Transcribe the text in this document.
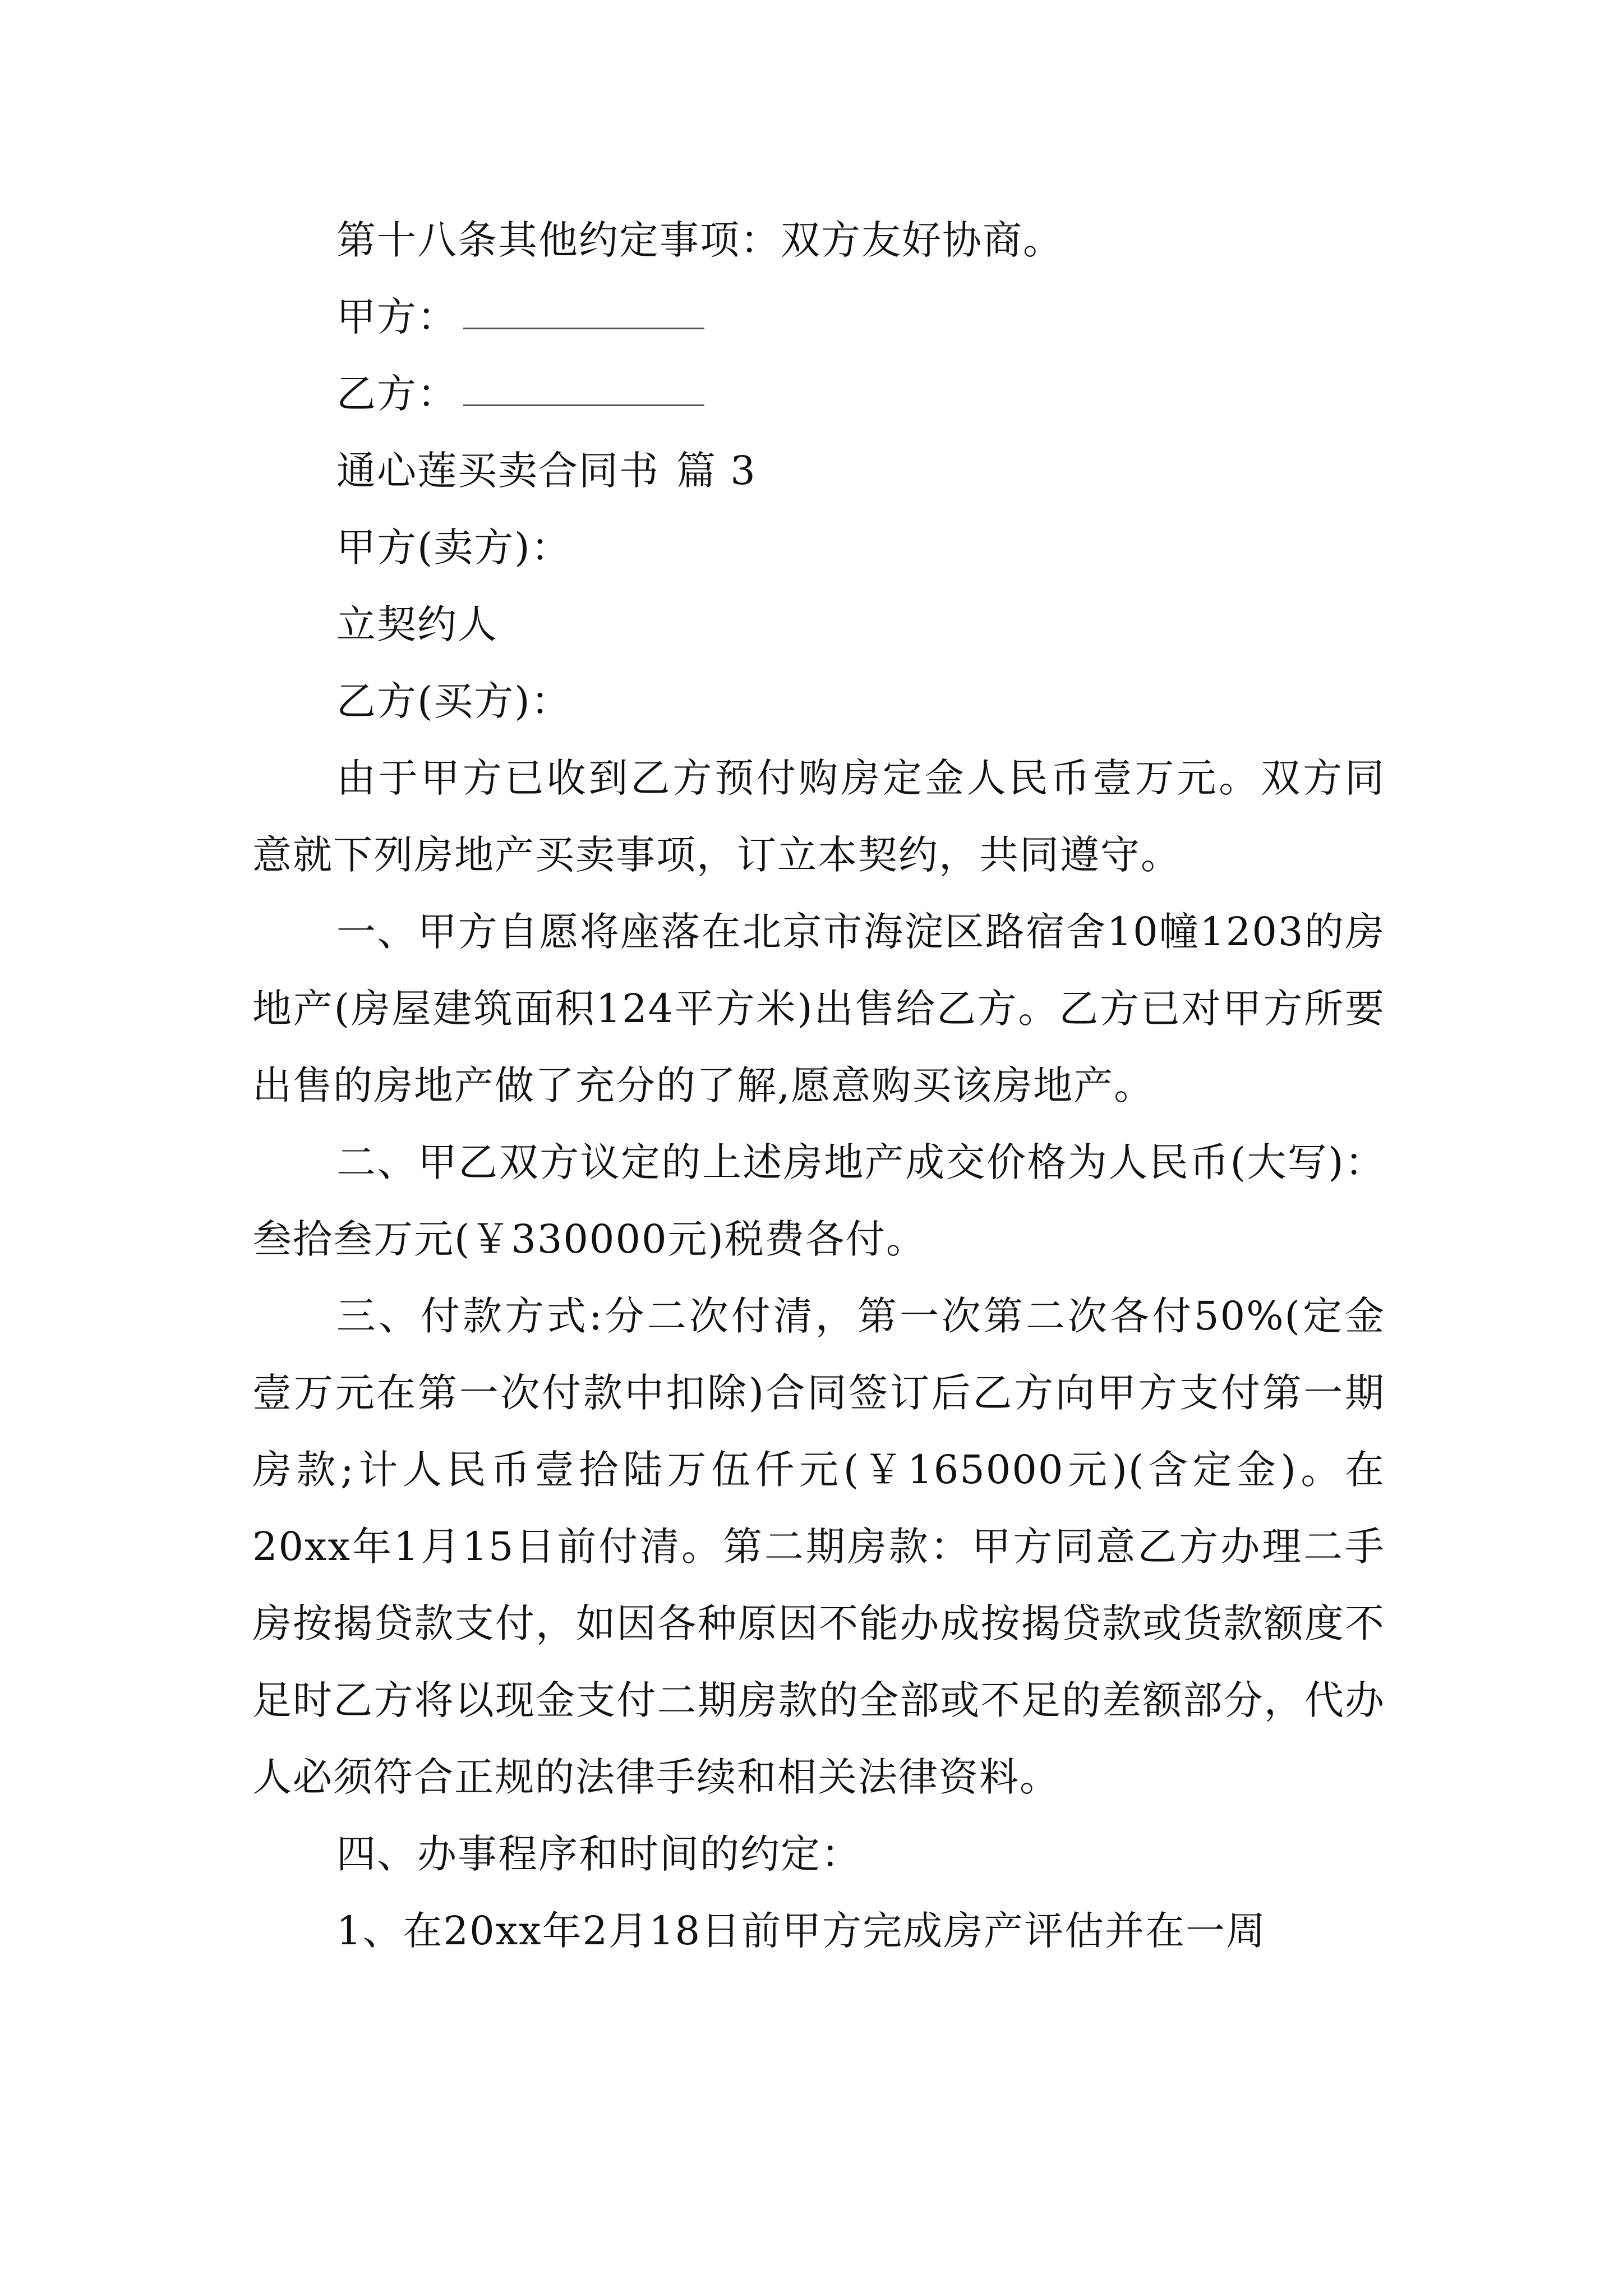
第十八条其他约定事项：双方友好协商。
甲方：
乙方：
通心莲买卖合同书 篇 3
甲方(卖方)：
立契约人
乙方(买方)：
由于甲方已收到乙方预付购房定金人民币壹万元。双方同意就下列房地产买卖事项，订立本契约，共同遵守。
一、甲方自愿将座落在北京市海淀区路宿舍10幢1203的房地产(房屋建筑面积124平方米)出售给乙方。乙方已对甲方所要出售的房地产做了充分的了解,愿意购买该房地产。
二、甲乙双方议定的上述房地产成交价格为人民币(大写)：叁拾叁万元(￥330000元)税费各付。
三、付款方式:分二次付清，第一次第二次各付50%(定金壹万元在第一次付款中扣除)合同签订后乙方向甲方支付第一期房款;计人民币壹拾陆万伍仟元(￥165000元)(含定金)。在20xx年1月15日前付清。第二期房款：甲方同意乙方办理二手房按揭贷款支付，如因各种原因不能办成按揭贷款或货款额度不足时乙方将以现金支付二期房款的全部或不足的差额部分，代办人必须符合正规的法律手续和相关法律资料。
四、办事程序和时间的约定：
1、在20xx年2月18日前甲方完成房产评估并在一周
